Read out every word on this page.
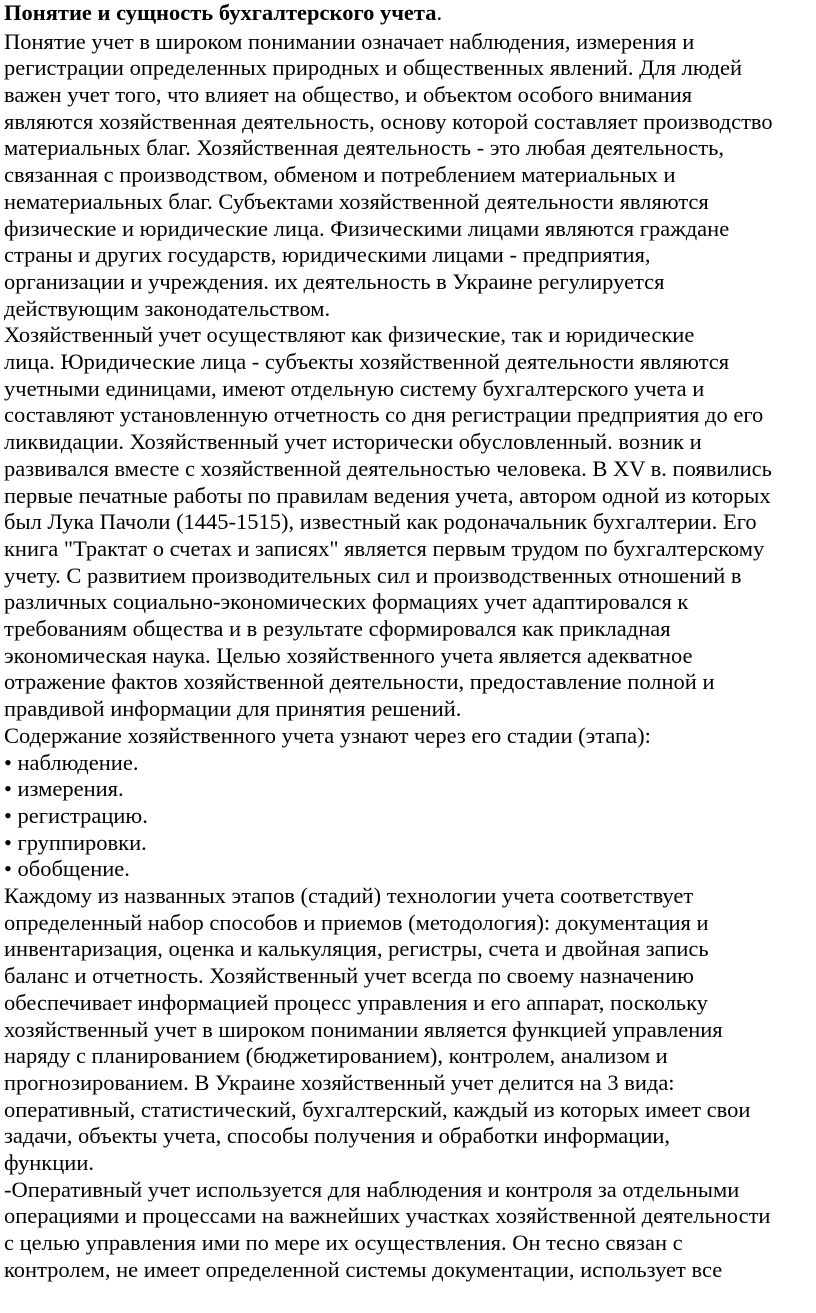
Понятие и сущность бухгалтерского учета.
Понятие учет в широком понимании означает наблюдения, измерения и
регистрации определенных природных и общественных явлений. Для людей
важен учет того, что влияет на общество, и объектом особого внимания
являются хозяйственная деятельность, основу которой составляет производство
материальных благ. Хозяйственная деятельность - это любая деятельность,
связанная с производством, обменом и потреблением материальных и
нематериальных благ. Субъектами хозяйственной деятельности являются
физические и юридические лица. Физическими лицами являются граждане
страны и других государств, юридическими лицами - предприятия,
организации и учреждения. их деятельность в Украине регулируется
действующим законодательством.
Хозяйственный учет осуществляют как физические, так и юридические
лица. Юридические лица - субъекты хозяйственной деятельности являются
учетными единицами, имеют отдельную систему бухгалтерского учета и
составляют установленную отчетность со дня регистрации предприятия до его
ликвидации. Хозяйственный учет исторически обусловленный. возник и
развивался вместе с хозяйственной деятельностью человека. В XV в. появились
первые печатные работы по правилам ведения учета, автором одной из которых
был Лука Пачоли (1445-1515), известный как родоначальник бухгалтерии. Его
книга "Трактат о счетах и записях" является первым трудом по бухгалтерскому
учету. С развитием производительных сил и производственных отношений в
различных социально-экономических формациях учет адаптировался к
требованиям общества и в результате сформировался как прикладная
экономическая наука. Целью хозяйственного учета является адекватное
отражение фактов хозяйственной деятельности, предоставление полной и
правдивой информации для принятия решений.
Содержание хозяйственного учета узнают через его стадии (этапа):
• наблюдение.
• измерения.
• регистрацию.
• группировки.
• обобщение.
Каждому из названных этапов (стадий) технологии учета соответствует
определенный набор способов и приемов (методология): документация и
инвентаризация, оценка и калькуляция, регистры, счета и двойная запись
баланс и отчетность. Хозяйственный учет всегда по своему назначению
обеспечивает информацией процесс управления и его аппарат, поскольку
хозяйственный учет в широком понимании является функцией управления
наряду с планированием (бюджетированием), контролем, анализом и
прогнозированием. В Украине хозяйственный учет делится на 3 вида:
оперативный, статистический, бухгалтерский, каждый из которых имеет свои
задачи, объекты учета, способы получения и обработки информации,
функции.
-Оперативный учет используется для наблюдения и контроля за отдельными
операциями и процессами на важнейших участках хозяйственной деятельности
с целью управления ими по мере их осуществления. Он тесно связан с
контролем, не имеет определенной системы документации, использует все
